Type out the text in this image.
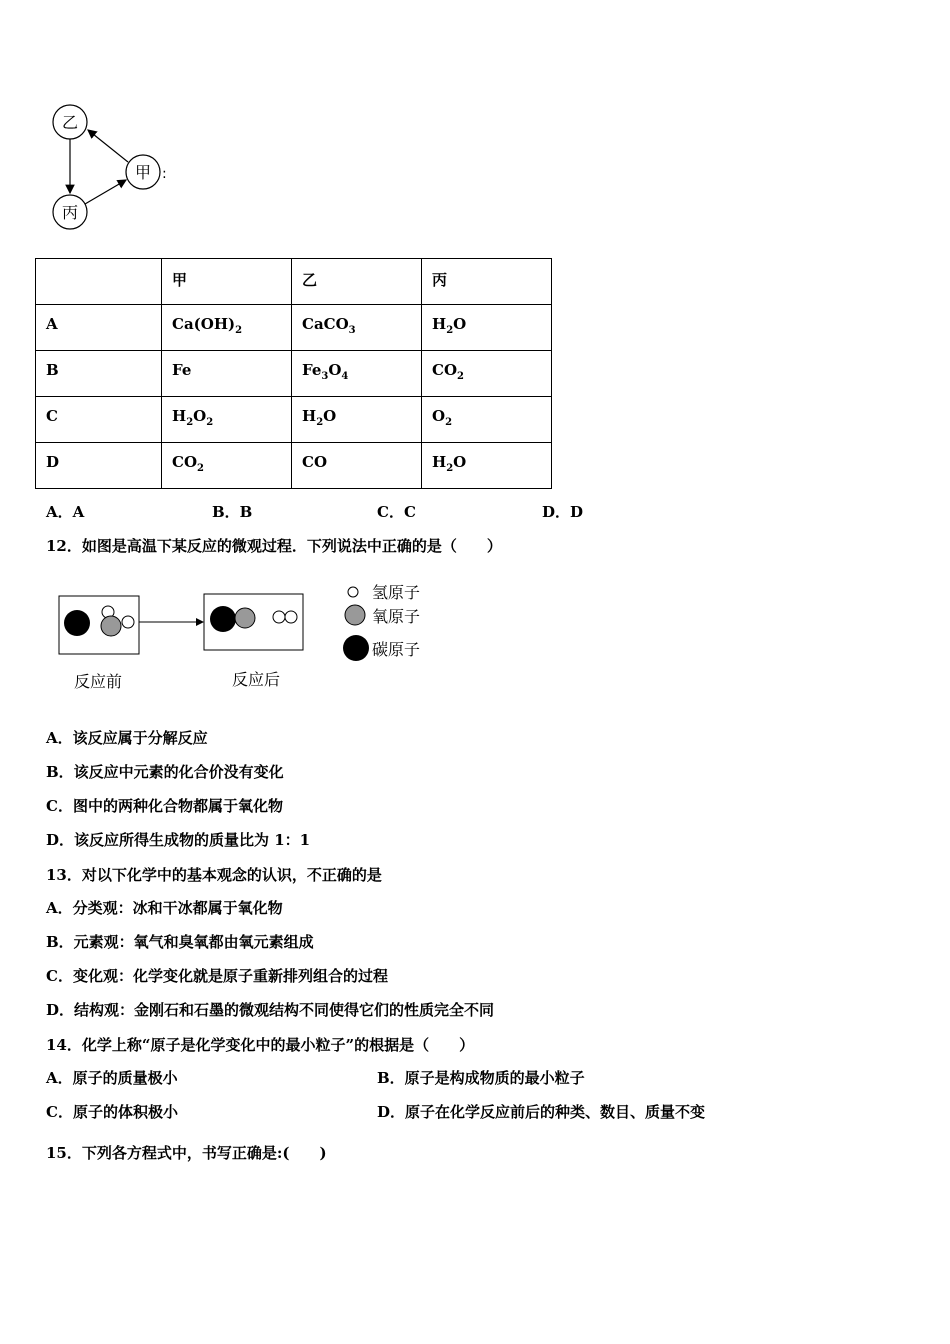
乙
甲
丙
:
	甲	乙	丙
A	$Ca(OH)_2$	CaCO$_3$	$H_2O$
B	Fe	$Fe_3O_4$	$CO_2$
C	$H_2O_2$	$H_2O$	$O_2$
D	$CO_2$	CO	$H_2O$
A．A	B．B	C．C	D．D
12．如图是高温下某反应的微观过程．下列说法中正确的是（　　）
反应前	反应后
氢原子
氧原子
碳原子
A．该反应属于分解反应
B．该反应中元素的化合价没有变化
C．图中的两种化合物都属于氧化物
D．该反应所得生成物的质量比为 1：1
13．对以下化学中的基本观念的认识，不正确的是
A．分类观：冰和干冰都属于氧化物
B．元素观：氧气和臭氧都由氧元素组成
C．变化观：化学变化就是原子重新排列组合的过程
D．结构观：金刚石和石墨的微观结构不同使得它们的性质完全不同
14．化学上称“原子是化学变化中的最小粒子”的根据是（　　）
A．原子的质量极小	B．原子是构成物质的最小粒子
C．原子的体积极小	D．原子在化学反应前后的种类、数目、质量不变
15．下列各方程式中，书写正确是:(　　)
